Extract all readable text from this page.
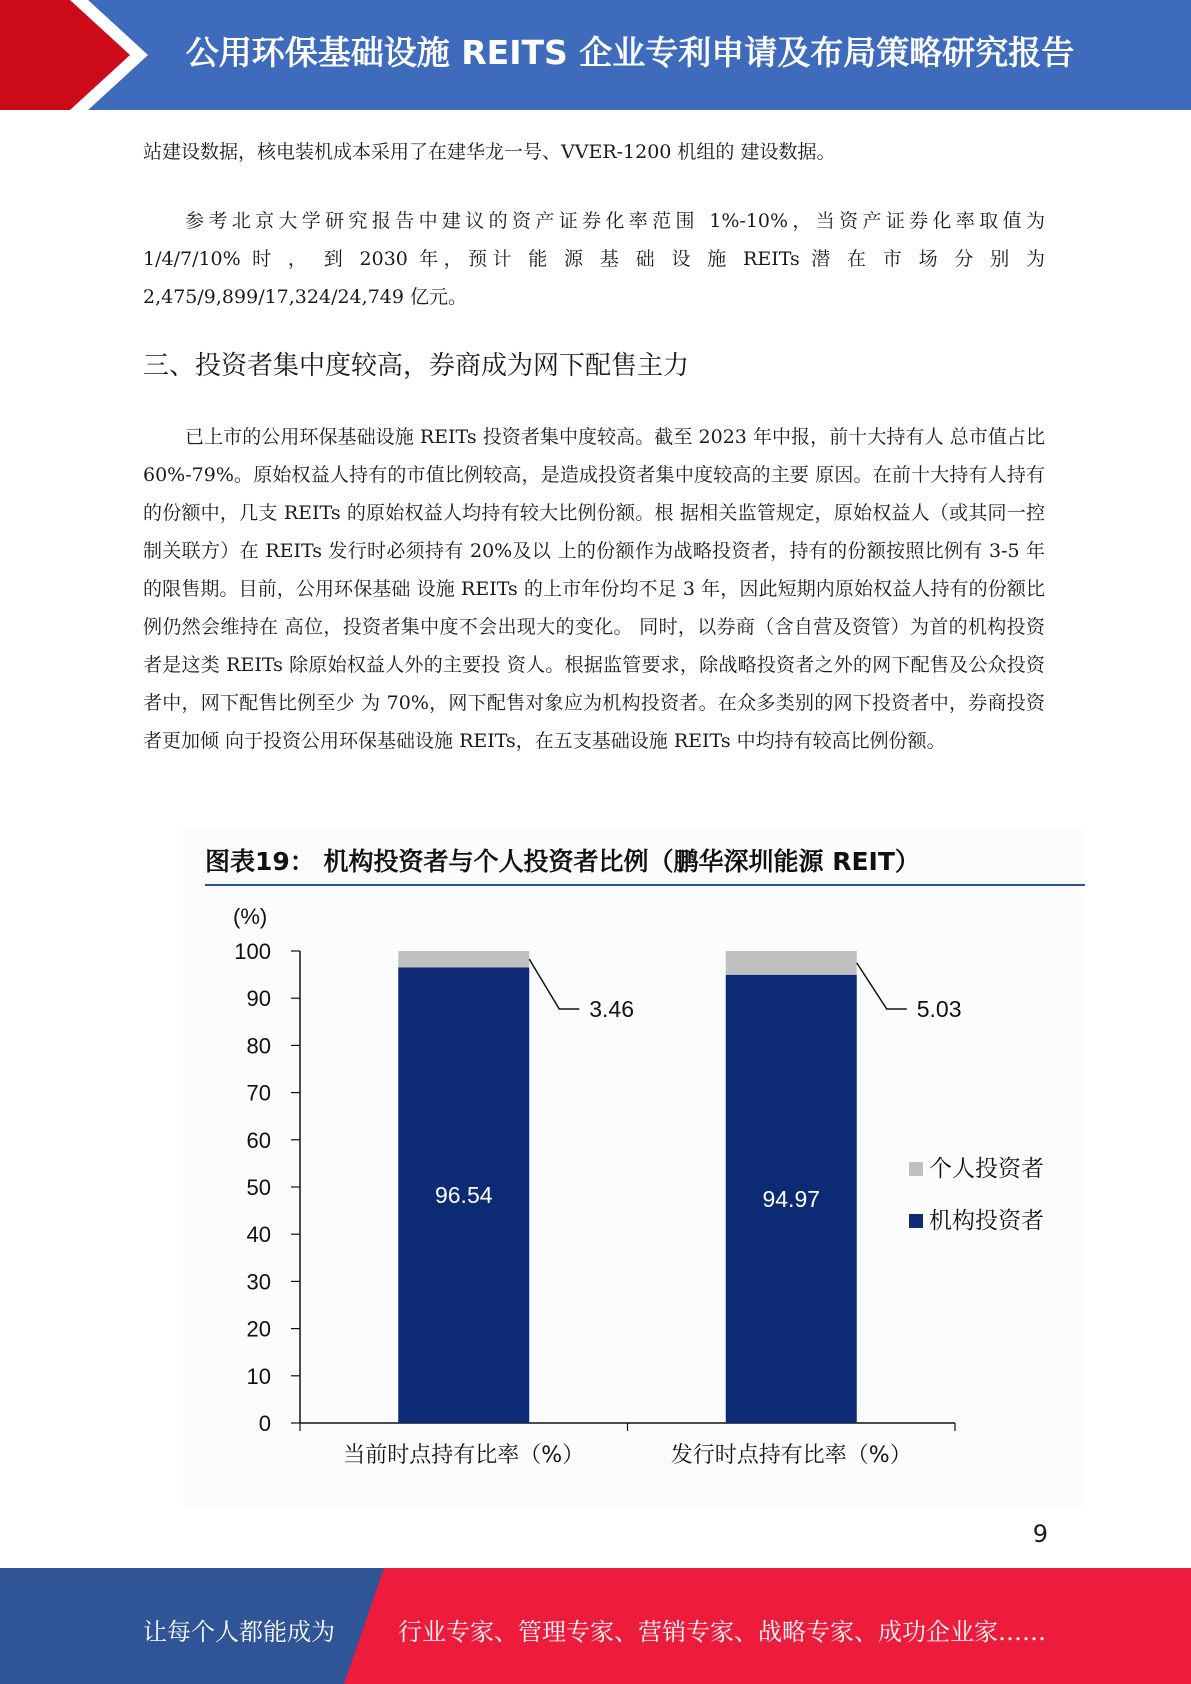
公用环保基础设施 REITS 企业专利申请及布局策略研究报告

站建设数据，核电装机成本采用了在建华龙一号、VVER-1200 机组的 建设数据。

参考北京大学研究报告中建议的资产证券化率范围 1%-10%，当资产证券化率取值为

1/4/7/10% 时 ， 到 2030 年，预计 能 源 基 础 设 施 REITs 潜 在 市 场 分 别 为

2,475/9,899/17,324/24,749 亿元。

三、投资者集中度较高，券商成为网下配售主力

已上市的公用环保基础设施 REITs 投资者集中度较高。截至 2023 年中报，前十大持有人 总市值占比 60%-79%。原始权益人持有的市值比例较高，是造成投资者集中度较高的主要 原因。在前十大持有人持有的份额中，几支 REITs 的原始权益人均持有较大比例份额。根 据相关监管规定，原始权益人（或其同一控制关联方）在 REITs 发行时必须持有 20%及以 上的份额作为战略投资者，持有的份额按照比例有 3-5 年的限售期。目前，公用环保基础 设施 REITs 的上市年份均不足 3 年，因此短期内原始权益人持有的份额比例仍然会维持在 高位，投资者集中度不会出现大的变化。 同时，以券商（含自营及资管）为首的机构投资者是这类 REITs 除原始权益人外的主要投 资人。根据监管要求，除战略投资者之外的网下配售及公众投资者中，网下配售比例至少 为 70%，网下配售对象应为机构投资者。在众多类别的网下投资者中，券商投资者更加倾 向于投资公用环保基础设施 REITs，在五支基础设施 REITs 中均持有较高比例份额。

图表19： 机构投资者与个人投资者比例（鹏华深圳能源 REIT）
(%)
0
10
20
30
40
50
60
70
80
90
100
96.54
3.46
当前时点持有比率（%）
94.97
5.03
发行时点持有比率（%）
个人投资者
机构投资者
9
让每个人都能成为	行业专家、管理专家、营销专家、战略专家、成功企业家……
